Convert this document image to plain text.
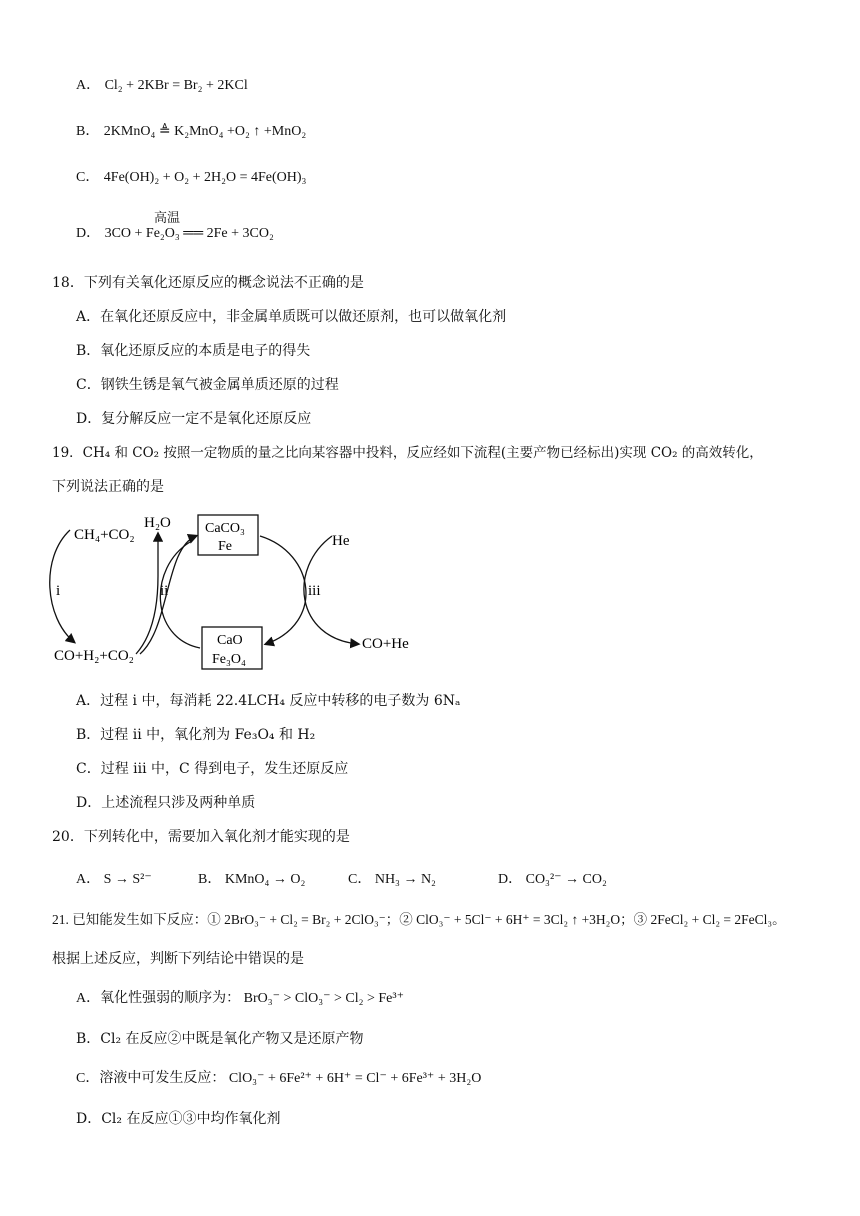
A． Cl₂ + 2KBr = Br₂ + 2KCl
B． 2KMnO₄ ≜ K₂MnO₄ +O₂ ↑ +MnO₂
C． 4Fe(OH)₂ + O₂ + 2H₂O = 4Fe(OH)₃
高温
D． 3CO + Fe₂O₃ ══ 2Fe + 3CO₂
18．下列有关氧化还原反应的概念说法不正确的是
A．在氧化还原反应中，非金属单质既可以做还原剂，也可以做氧化剂
B．氧化还原反应的本质是电子的得失
C．钢铁生锈是氧气被金属单质还原的过程
D．复分解反应一定不是氧化还原反应
19．CH₄ 和 CO₂ 按照一定物质的量之比向某容器中投料，反应经如下流程(主要产物已经标出)实现 CO₂ 的高效转化，
下列说法正确的是
CH₄+CO₂
H₂O CaCO₃
Fe	He
i	ii	iii
CaO
Fe₃O₄
CO+H₂+CO₂
CO+He
A．过程 i 中，每消耗 22.4LCH₄ 反应中转移的电子数为 6Nₐ
B．过程 ii 中，氧化剂为 Fe₃O₄ 和 H₂
C．过程 iii 中，C 得到电子，发生还原反应
D．上述流程只涉及两种单质
20．下列转化中，需要加入氧化剂才能实现的是
A． S → S²⁻	B． KMnO₄ → O₂	C． NH₃ → N₂	D． CO₃²⁻ → CO₂
21. 已知能发生如下反应：① 2BrO₃⁻ + Cl₂ = Br₂ + 2ClO₃⁻；② ClO₃⁻ + 5Cl⁻ + 6H⁺ = 3Cl₂ ↑ +3H₂O；③ 2FeCl₂ + Cl₂ = 2FeCl₃。
根据上述反应，判断下列结论中错误的是
A．氧化性强弱的顺序为： BrO₃⁻ > ClO₃⁻ > Cl₂ > Fe³⁺
B．Cl₂ 在反应②中既是氧化产物又是还原产物
C．溶液中可发生反应： ClO₃⁻ + 6Fe²⁺ + 6H⁺ = Cl⁻ + 6Fe³⁺ + 3H₂O
D．Cl₂ 在反应①③中均作氧化剂
